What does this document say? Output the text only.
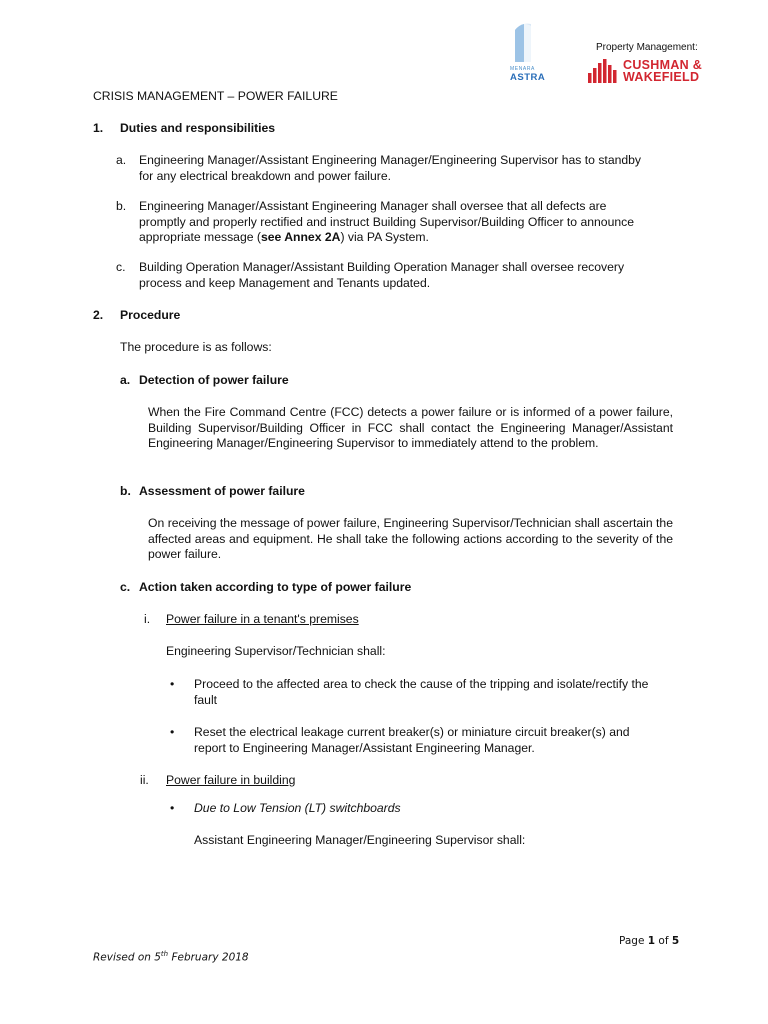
MENARA
ASTRA
Property Management:
CUSHMAN &
WAKEFIELD
CRISIS MANAGEMENT – POWER FAILURE
1. Duties and responsibilities
a. Engineering Manager/Assistant Engineering Manager/Engineering Supervisor has to standby
for any electrical breakdown and power failure.
b. Engineering Manager/Assistant Engineering Manager shall oversee that all defects are
promptly and properly rectified and instruct Building Supervisor/Building Officer to announce
appropriate message (see Annex 2A) via PA System.
c. Building Operation Manager/Assistant Building Operation Manager shall oversee recovery
process and keep Management and Tenants updated.
2. Procedure
The procedure is as follows:
a. Detection of power failure

When the Fire Command Centre (FCC) detects a power failure or is informed of a power failure, Building Supervisor/Building Officer in FCC shall contact the Engineering Manager/Assistant Engineering Manager/Engineering Supervisor to immediately attend to the problem.

b. Assessment of power failure

On receiving the message of power failure, Engineering Supervisor/Technician shall ascertain the affected areas and equipment. He shall take the following actions according to the severity of the power failure.

c. Action taken according to type of power failure
i. Power failure in a tenant's premises
Engineering Supervisor/Technician shall:
• Proceed to the affected area to check the cause of the tripping and isolate/rectify the
fault
• Reset the electrical leakage current breaker(s) or miniature circuit breaker(s) and
report to Engineering Manager/Assistant Engineering Manager.
ii. Power failure in building
• Due to Low Tension (LT) switchboards
Assistant Engineering Manager/Engineering Supervisor shall:
Page 1 of 5
Revised on 5th February 2018
